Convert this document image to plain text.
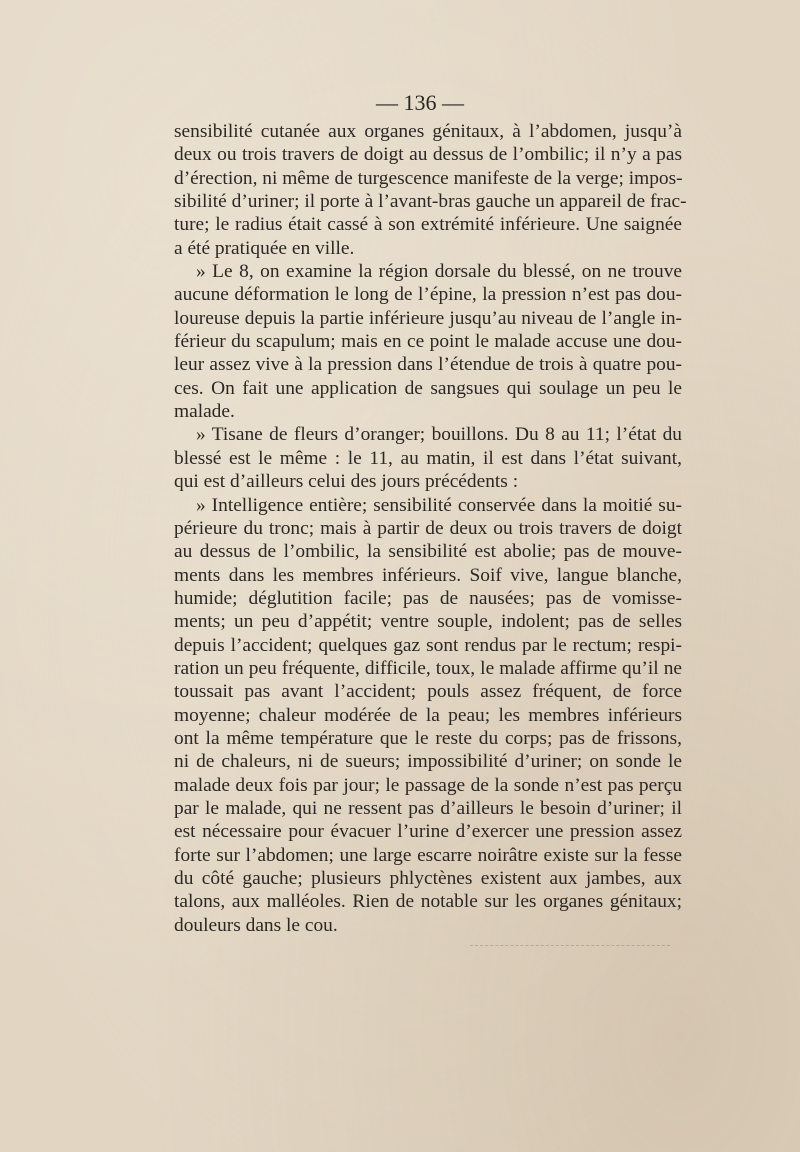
— 136 —
sensibilité cutanée aux organes génitaux, à l’abdomen, jusqu’à
deux ou trois travers de doigt au dessus de l’ombilic; il n’y a pas
d’érection, ni même de turgescence manifeste de la verge; impos-
sibilité d’uriner; il porte à l’avant-bras gauche un appareil de frac-
ture; le radius était cassé à son extrémité inférieure. Une saignée
a été pratiquée en ville.
» Le 8, on examine la région dorsale du blessé, on ne trouve
aucune déformation le long de l’épine, la pression n’est pas dou-
loureuse depuis la partie inférieure jusqu’au niveau de l’angle in-
férieur du scapulum; mais en ce point le malade accuse une dou-
leur assez vive à la pression dans l’étendue de trois à quatre pou-
ces. On fait une application de sangsues qui soulage un peu le
malade.
» Tisane de fleurs d’oranger; bouillons. Du 8 au 11; l’état du
blessé est le même : le 11, au matin, il est dans l’état suivant,
qui est d’ailleurs celui des jours précédents :
» Intelligence entière; sensibilité conservée dans la moitié su-
périeure du tronc; mais à partir de deux ou trois travers de doigt
au dessus de l’ombilic, la sensibilité est abolie; pas de mouve-
ments dans les membres inférieurs. Soif vive, langue blanche,
humide; déglutition facile; pas de nausées; pas de vomisse-
ments; un peu d’appétit; ventre souple, indolent; pas de selles
depuis l’accident; quelques gaz sont rendus par le rectum; respi-
ration un peu fréquente, difficile, toux, le malade affirme qu’il ne
toussait pas avant l’accident; pouls assez fréquent, de force
moyenne; chaleur modérée de la peau; les membres inférieurs
ont la même température que le reste du corps; pas de frissons,
ni de chaleurs, ni de sueurs; impossibilité d’uriner; on sonde le
malade deux fois par jour; le passage de la sonde n’est pas perçu
par le malade, qui ne ressent pas d’ailleurs le besoin d’uriner; il
est nécessaire pour évacuer l’urine d’exercer une pression assez
forte sur l’abdomen; une large escarre noirâtre existe sur la fesse
du côté gauche; plusieurs phlyctènes existent aux jambes, aux
talons, aux malléoles. Rien de notable sur les organes génitaux;
douleurs dans le cou.
